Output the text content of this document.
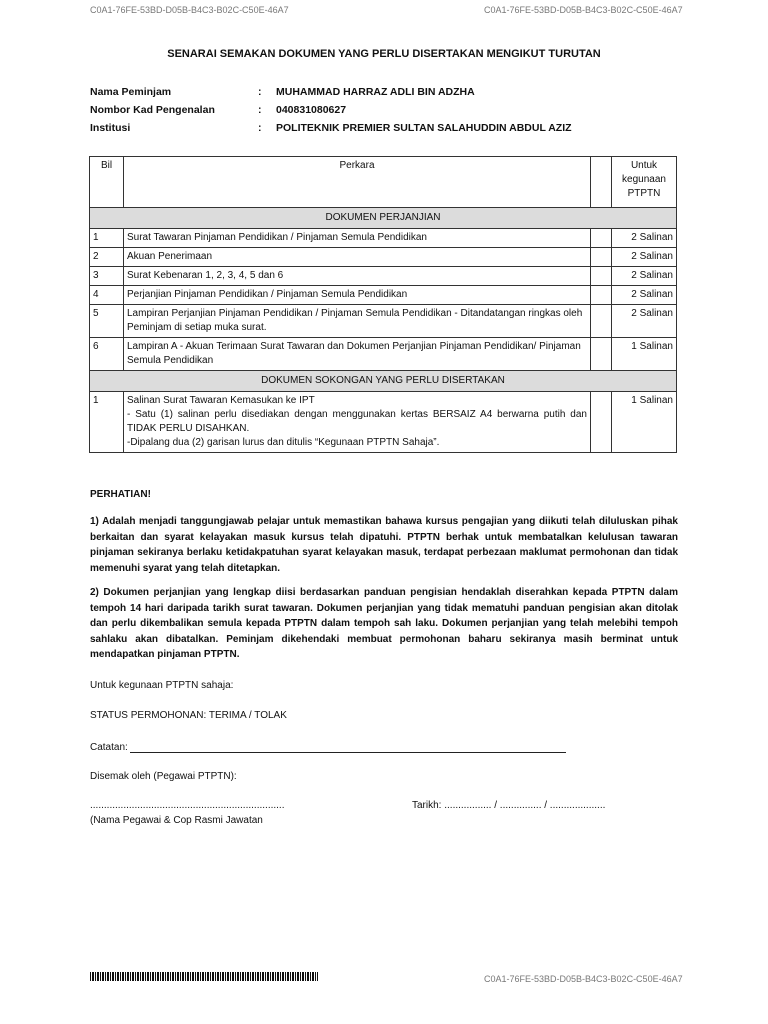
C0A1-76FE-53BD-D05B-B4C3-B02C-C50E-46A7	C0A1-76FE-53BD-D05B-B4C3-B02C-C50E-46A7
SENARAI SEMAKAN DOKUMEN YANG PERLU DISERTAKAN MENGIKUT TURUTAN
Nama Peminjam	: MUHAMMAD HARRAZ ADLI BIN ADZHA
Nombor Kad Pengenalan	: 040831080627
Institusi	: POLITEKNIK PREMIER SULTAN SALAHUDDIN ABDUL AZIZ
Bil	Perkara		Untuk
kegunaan
PTPTN

DOKUMEN PERJANJIAN			
1	Surat Tawaran Pinjaman Pendidikan / Pinjaman Semula Pendidikan		2 Salinan
2	Akuan Penerimaan		2 Salinan
3	Surat Kebenaran 1, 2, 3, 4, 5 dan 6		2 Salinan
4	Perjanjian Pinjaman Pendidikan / Pinjaman Semula Pendidikan		2 Salinan
5	Lampiran Perjanjian Pinjaman Pendidikan / Pinjaman Semula Pendidikan - Ditandatangan ringkas oleh Peminjam di setiap muka surat.		2 Salinan
6	Lampiran A - Akuan Terimaan Surat Tawaran dan Dokumen Perjanjian Pinjaman Pendidikan/ Pinjaman Semula Pendidikan		1 Salinan
DOKUMEN SOKONGAN YANG PERLU DISERTAKAN			
1	Salinan Surat Tawaran Kemasukan ke IPT
- Satu (1) salinan perlu disediakan dengan menggunakan kertas BERSAIZ A4 berwarna putih dan TIDAK PERLU DISAHKAN.
-Dipalang dua (2) garisan lurus dan ditulis “Kegunaan PTPTN Sahaja”.		1 Salinan
PERHATIAN!
1) Adalah menjadi tanggungjawab pelajar untuk memastikan bahawa kursus pengajian yang diikuti telah diluluskan pihak berkaitan dan syarat kelayakan masuk kursus telah dipatuhi. PTPTN berhak untuk membatalkan kelulusan tawaran pinjaman sekiranya berlaku ketidakpatuhan syarat kelayakan masuk, terdapat perbezaan maklumat permohonan dan tidak memenuhi syarat yang telah ditetapkan.
2) Dokumen perjanjian yang lengkap diisi berdasarkan panduan pengisian hendaklah diserahkan kepada PTPTN dalam tempoh 14 hari daripada tarikh surat tawaran. Dokumen perjanjian yang tidak mematuhi panduan pengisian akan ditolak dan perlu dikembalikan semula kepada PTPTN dalam tempoh sah laku. Dokumen perjanjian yang telah melebihi tempoh sahlaku akan dibatalkan. Peminjam dikehendaki membuat permohonan baharu sekiranya masih berminat untuk mendapatkan pinjaman PTPTN.
Untuk kegunaan PTPTN sahaja:
STATUS PERMOHONAN: TERIMA / TOLAK
Catatan:
Disemak oleh (Pegawai PTPTN):
......................................................................	Tarikh: ................. / ............... / ....................
(Nama Pegawai & Cop Rasmi Jawatan
C0A1-76FE-53BD-D05B-B4C3-B02C-C50E-46A7
